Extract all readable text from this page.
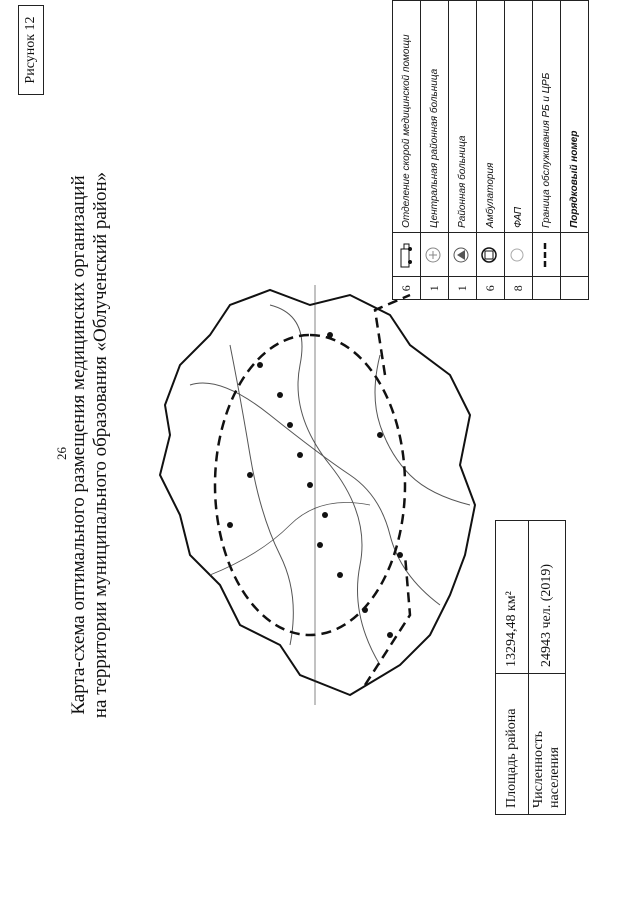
26
Рисунок 12
Карта-схема оптимального размещения медицинских организаций на территории муниципального образования «Облученский район»
Площадь района	13294,48 км²
Численность населения	24943 чел. (2019)
6		Отделение скорой медицинской помощи
1		Центральная районная больница
1		Районная больница
6		Амбулатория
8		ФАП
		Граница обслуживания РБ и ЦРБ
		Порядковый номер
